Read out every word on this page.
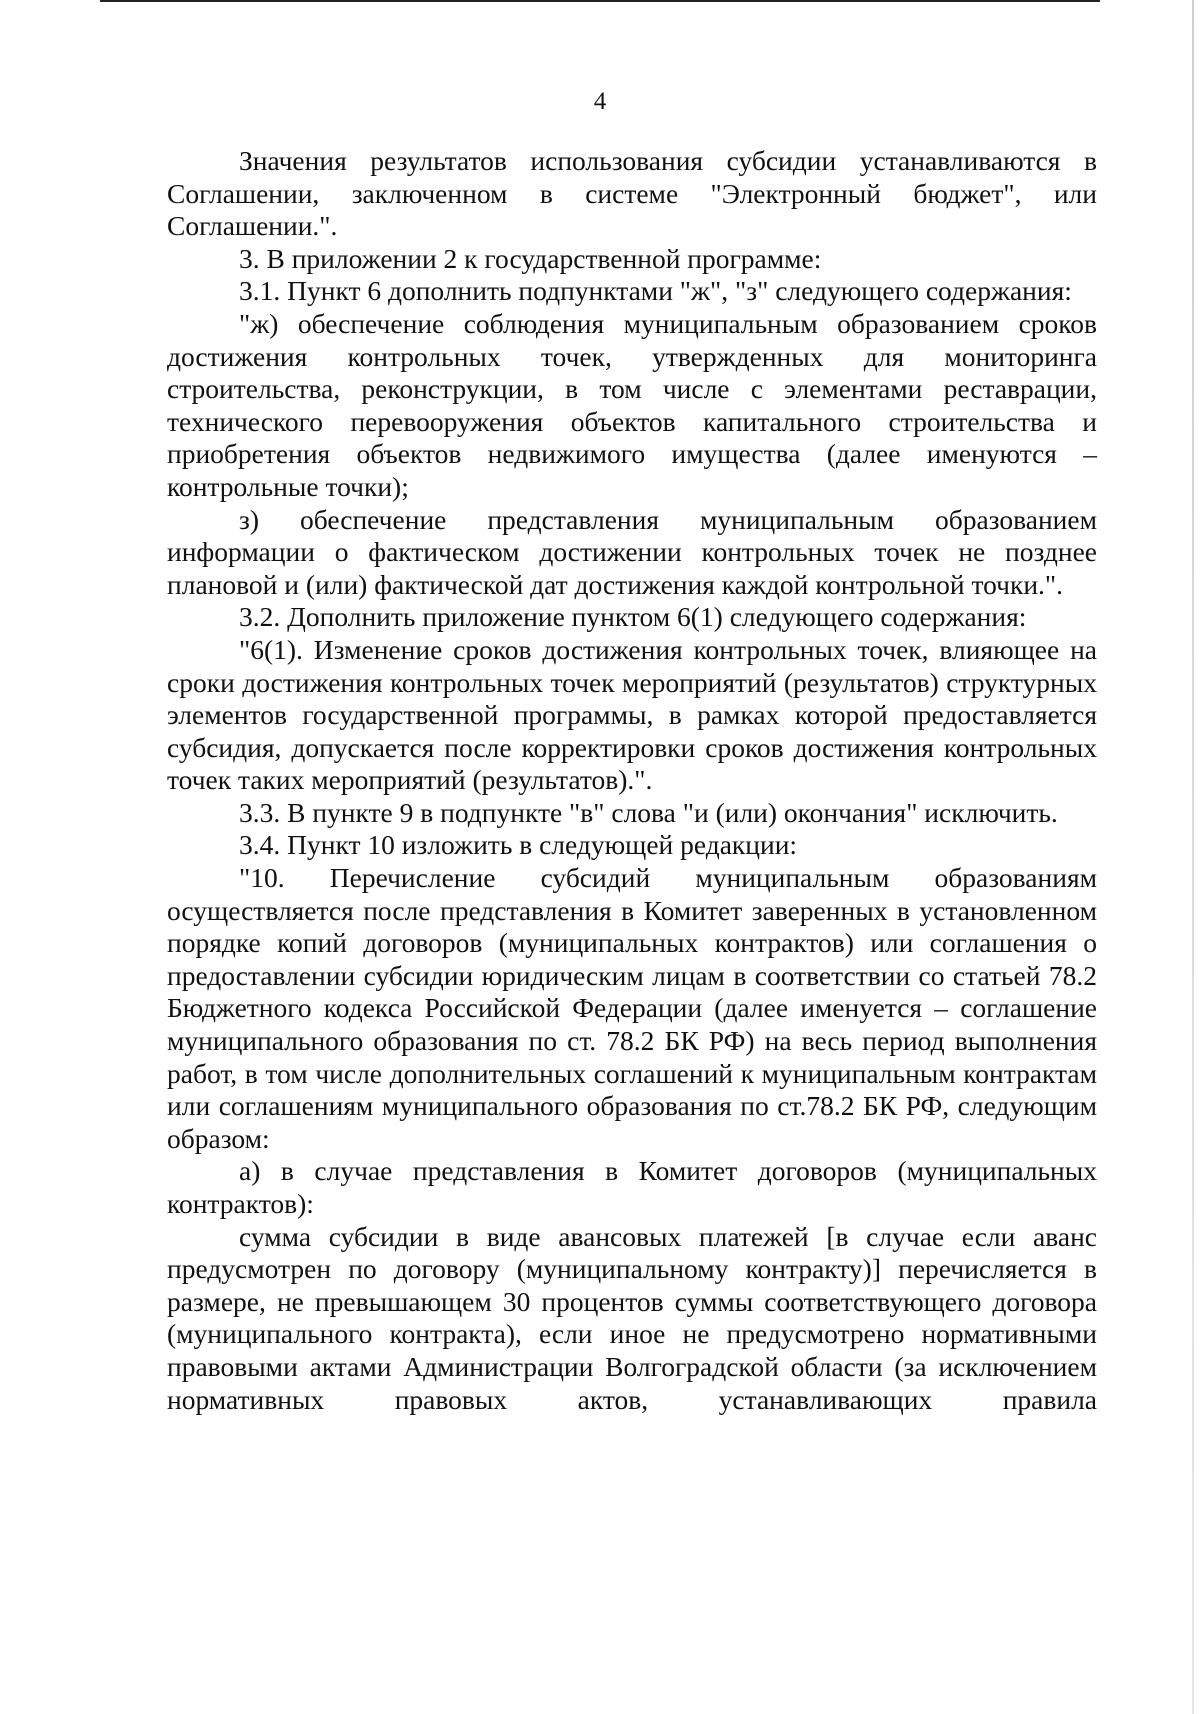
4

Значения результатов использования субсидии устанавливаются в Соглашении, заключенном в системе "Электронный бюджет", или Соглашении.".

3. В приложении 2 к государственной программе:

3.1. Пункт 6 дополнить подпунктами "ж", "з" следующего содержания:

"ж) обеспечение соблюдения муниципальным образованием сроков достижения контрольных точек, утвержденных для мониторинга строительства, реконструкции, в том числе с элементами реставрации, технического перевооружения объектов капитального строительства и приобретения объектов недвижимого имущества (далее именуются – контрольные точки);

з) обеспечение представления муниципальным образованием информации о фактическом достижении контрольных точек не позднее плановой и (или) фактической дат достижения каждой контрольной точки.".

3.2. Дополнить приложение пунктом 6(1) следующего содержания:

"6(1). Изменение сроков достижения контрольных точек, влияющее на сроки достижения контрольных точек мероприятий (результатов) структурных элементов государственной программы, в рамках которой предоставляется субсидия, допускается после корректировки сроков достижения контрольных точек таких мероприятий (результатов).".

3.3. В пункте 9 в подпункте "в" слова "и (или) окончания" исключить.

3.4. Пункт 10 изложить в следующей редакции:

"10. Перечисление субсидий муниципальным образованиям осуществляется после представления в Комитет заверенных в установленном порядке копий договоров (муниципальных контрактов) или соглашения о предоставлении субсидии юридическим лицам в соответствии со статьей 78.2 Бюджетного кодекса Российской Федерации (далее именуется – соглашение муниципального образования по ст. 78.2 БК РФ) на весь период выполнения работ, в том числе дополнительных соглашений к муниципальным контрактам или соглашениям муниципального образования по ст.78.2 БК РФ, следующим образом:

а) в случае представления в Комитет договоров (муниципальных контрактов):

сумма субсидии в виде авансовых платежей [в случае если аванс предусмотрен по договору (муниципальному контракту)] перечисляется в размере, не превышающем 30 процентов суммы соответствующего договора (муниципального контракта), если иное не предусмотрено нормативными правовыми актами Администрации Волгоградской области (за исключением нормативных правовых актов, устанавливающих правила
